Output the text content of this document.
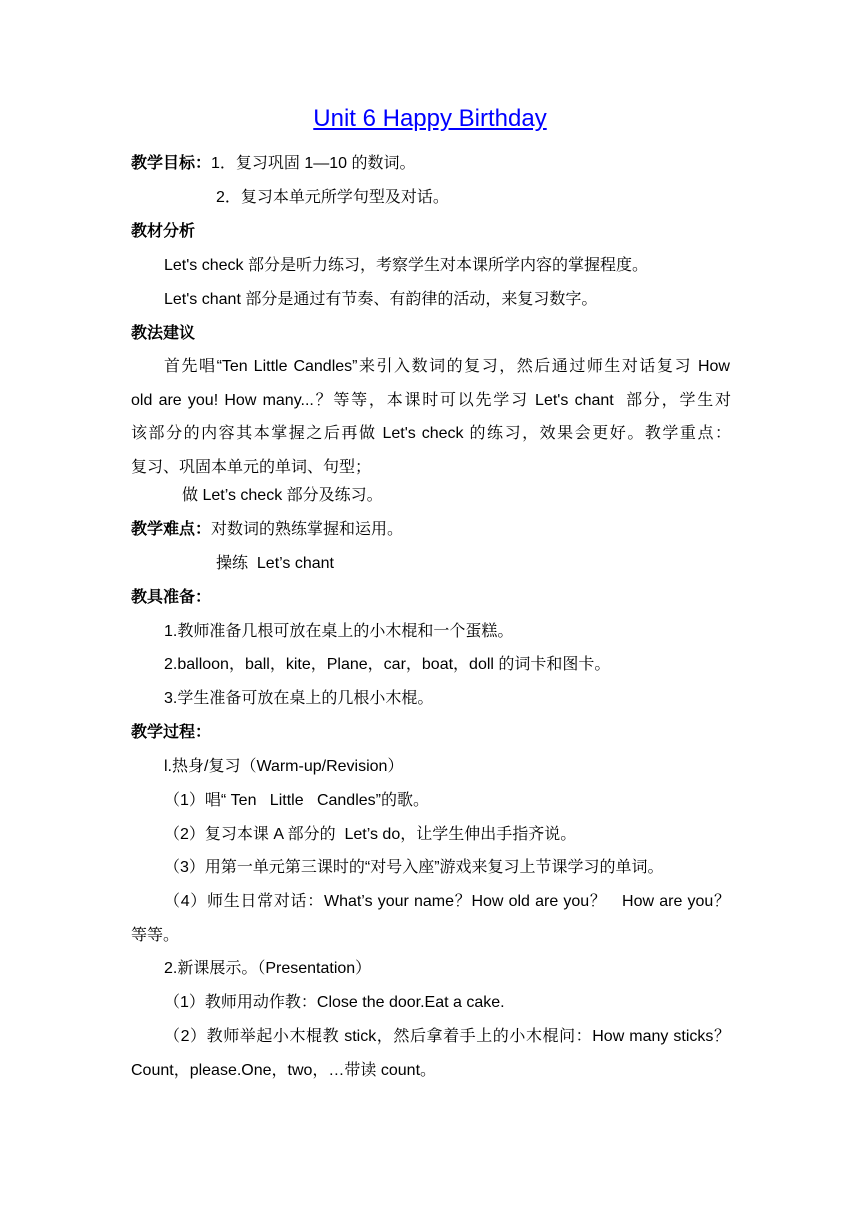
Unit 6 Happy Birthday
教学目标：1．复习巩固 1—10 的数词。
2．复习本单元所学句型及对话。
教材分析
Let's check 部分是听力练习，考察学生对本课所学内容的掌握程度。
Let's chant 部分是通过有节奏、有韵律的活动，来复习数字。
教法建议
首先唱“Ten Little Candles”来引入数词的复习，然后通过师生对话复习 How
old are you! How many...？等等，本课时可以先学习 Let's chant  部分，学生对
该部分的内容其本掌握之后再做 Let's check 的练习，效果会更好。教学重点：
复习、巩固本单元的单词、句型；
做 Let’s check 部分及练习。
教学难点：对数词的熟练掌握和运用。
操练  Let’s chant
教具准备：
1.教师准备几根可放在桌上的小木棍和一个蛋糕。
2.balloon，ball，kite，Plane，car，boat，doll 的词卡和图卡。
3.学生准备可放在桌上的几根小木棍。
教学过程：
l.热身/复习（Warm-up/Revision）
（1）唱“ Ten   Little   Candles”的歌。
（2）复习本课 A 部分的  Let’s do，让学生伸出手指齐说。
（3）用第一单元第三课时的“对号入座”游戏来复习上节课学习的单词。
（4）师生日常对话：What’s your name？How old are you？   How are you？
等等。
2.新课展示。（Presentation）
（1）教师用动作教：Close the door.Eat a cake.
（2）教师举起小木棍教 stick，然后拿着手上的小木棍问：How many sticks？
Count，please.One，two，…带读 count。
